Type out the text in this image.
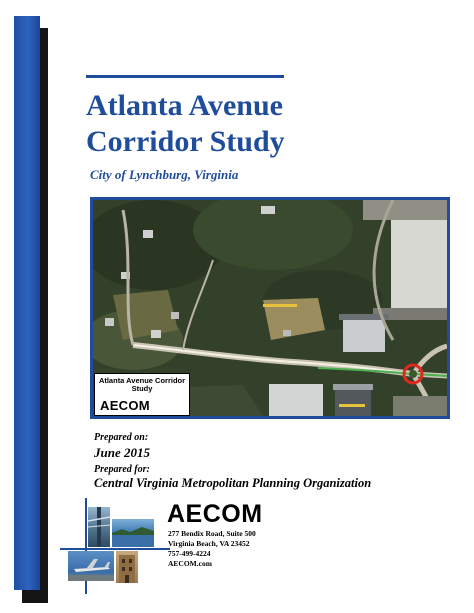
Atlanta Avenue
Corridor Study
City of Lynchburg, Virginia
Atlanta Avenue Corridor Study
AECOM
Prepared on:
June 2015
Prepared for:
Central Virginia Metropolitan Planning Organization
AECOM
277 Bendix Road, Suite 500
Virginia Beach, VA 23452
757-499-4224
AECOM.com
